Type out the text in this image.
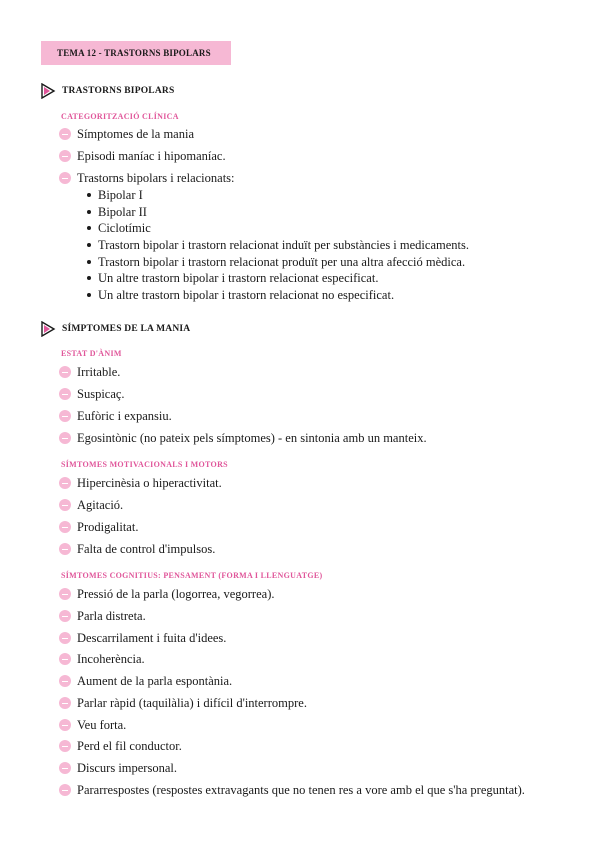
TEMA 12 - TRASTORNS BIPOLARS
TRASTORNS BIPOLARS
CATEGORITZACIÓ CLÍNICA
Símptomes de la mania
Episodi maníac i hipomaníac.
Trastorns bipolars i relacionats:
Bipolar I
Bipolar II
Ciclotímic
Trastorn bipolar i trastorn relacionat induït per substàncies i medicaments.
Trastorn bipolar i trastorn relacionat produït per una altra afecció mèdica.
Un altre trastorn bipolar i trastorn relacionat especificat.
Un altre trastorn bipolar i trastorn relacionat no especificat.
SÍMPTOMES DE LA MANIA
ESTAT D'ÀNIM
Irritable.
Suspicaç.
Eufòric i expansiu.
Egosintònic (no pateix pels símptomes) - en sintonia amb un manteix.
SÍMTOMES MOTIVACIONALS I MOTORS
Hipercinèsia o hiperactivitat.
Agitació.
Prodigalitat.
Falta de control d'impulsos.
SÍMTOMES COGNITIUS: PENSAMENT (FORMA I LLENGUATGE)
Pressió de la parla (logorrea, vegorrea).
Parla distreta.
Descarrilament i fuita d'idees.
Incoherència.
Aument de la parla espontània.
Parlar ràpid (taquilàlia) i difícil d'interrompre.
Veu forta.
Perd el fil conductor.
Discurs impersonal.
Pararrespostes (respostes extravagants que no tenen res a vore amb el que s'ha preguntat).
